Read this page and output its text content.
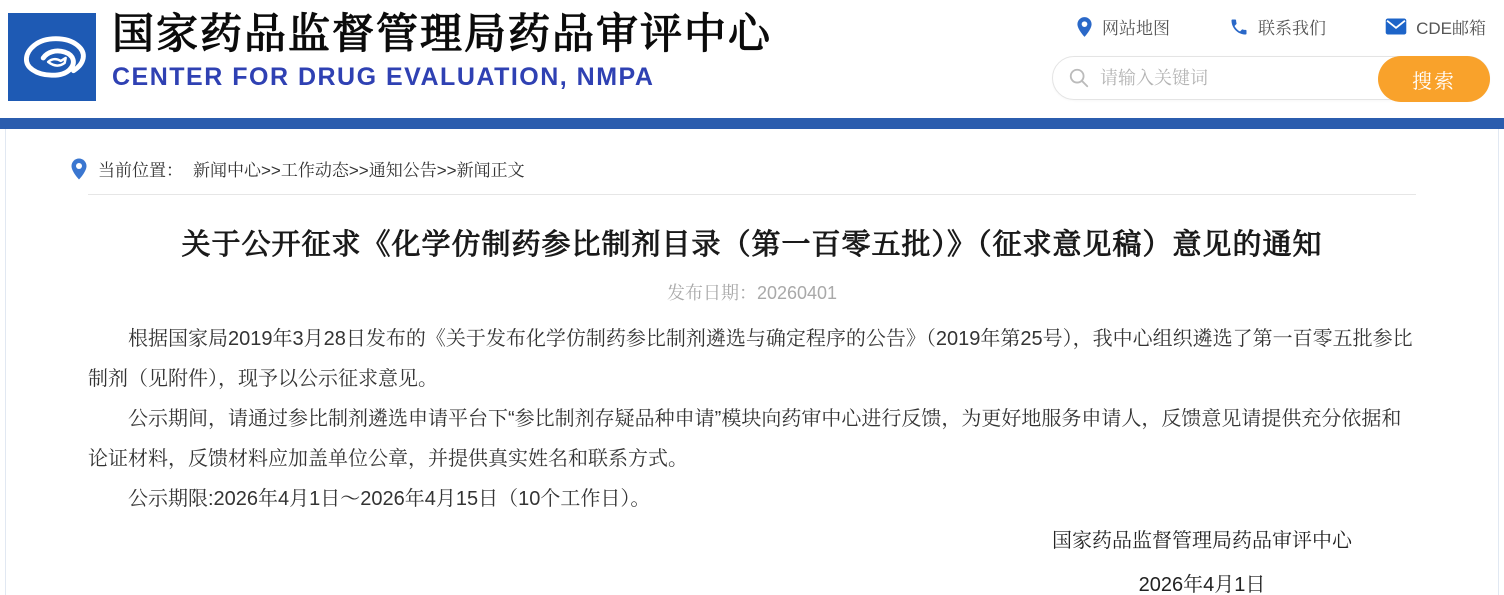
国家药品监督管理局药品审评中心
CENTER FOR DRUG EVALUATION, NMPA
网站地图	联系我们	CDE邮箱
请输入关键词
搜索
当前位置： 新闻中心>>工作动态>>通知公告>>新闻正文
关于公开征求《化学仿制药参比制剂目录（第一百零五批）》（征求意见稿）意见的通知
发布日期：20260401

根据国家局2019年3月28日发布的《关于发布化学仿制药参比制剂遴选与确定程序的公告》（2019年第25号），我中心组织遴选了第一百零五批参比制剂（见附件），现予以公示征求意见。

公示期间，请通过参比制剂遴选申请平台下“参比制剂存疑品种申请”模块向药审中心进行反馈，为更好地服务申请人，反馈意见请提供充分依据和论证材料，反馈材料应加盖单位公章，并提供真实姓名和联系方式。

公示期限:2026年4月1日～2026年4月15日（10个工作日）。

国家药品监督管理局药品审评中心
2026年4月1日
